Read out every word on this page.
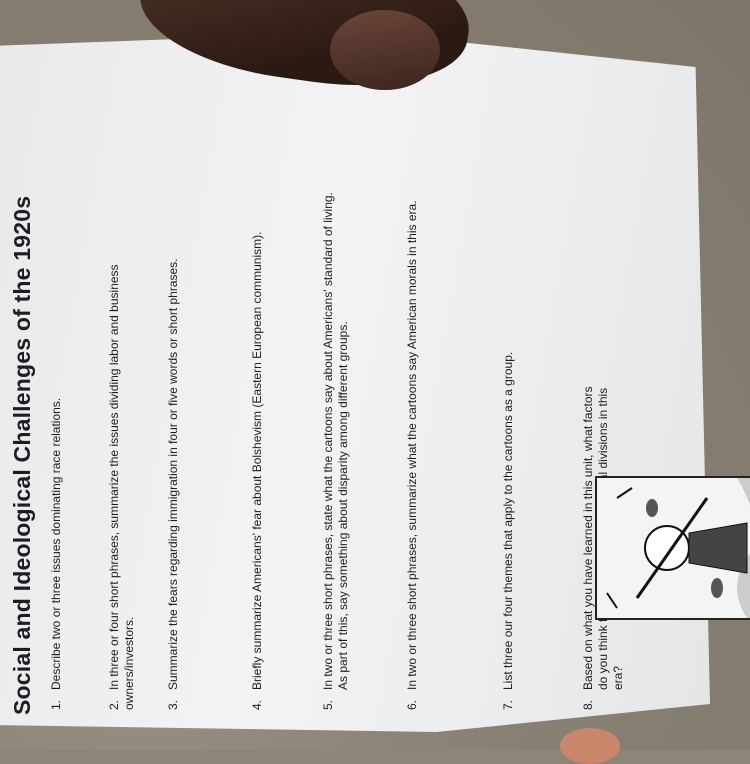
Social and Ideological Challenges of the 1920s 1.Describe two or three issues dominating race relations.
2.In three or four short phrases, summarize the issues dividing labor and business owners/investors.	3.Summarize the fears regarding immigration in four or five words or short phrases.
4.Briefly summarize Americans' fear about Bolshevism (Eastern European communism).
5.In two or three short phrases, state what the cartoons say about Americans' standard of living. As part of this, say something about disparity among different groups.
6.In two or three short phrases, summarize what the cartoons say American morals in this era.
7.List three our four themes that apply to the cartoons as a group.
8.Based on what you have learned in this unit, what factors do you think divisions in this era?
